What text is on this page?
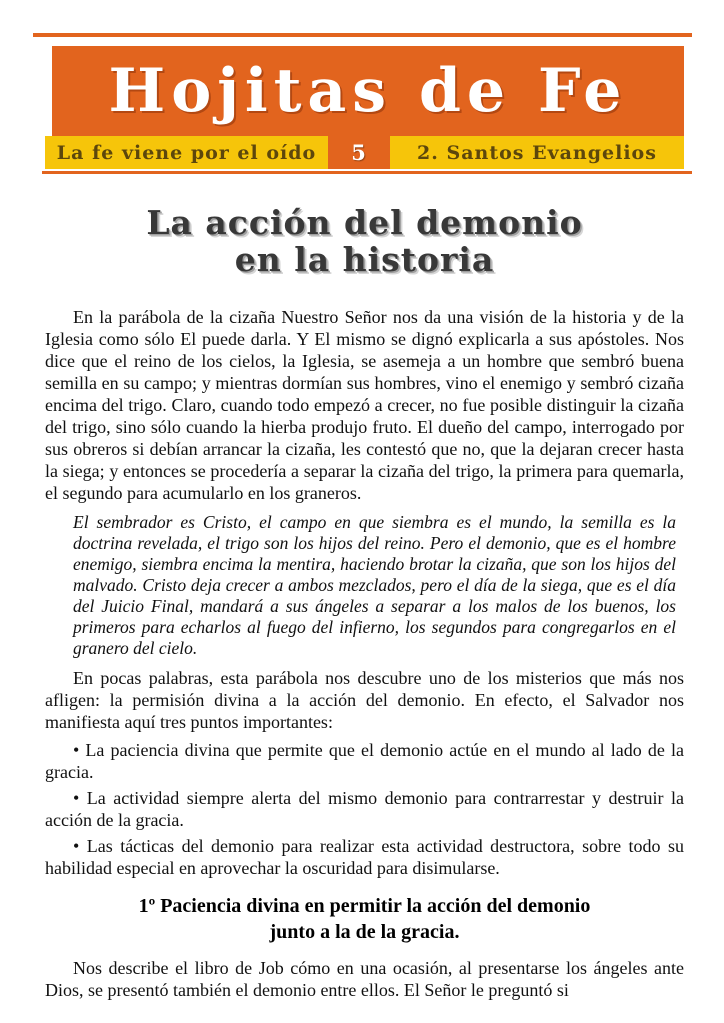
Hojitas de Fe
La fe viene por el oído	5	2. Santos Evangelios
La acción del demonio
en la historia

En la parábola de la cizaña Nuestro Señor nos da una visión de la historia y de la Iglesia como sólo El puede darla. Y El mismo se dignó explicarla a sus apóstoles. Nos dice que el reino de los cielos, la Iglesia, se asemeja a un hombre que sembró buena semilla en su campo; y mientras dormían sus hombres, vino el enemigo y sembró cizaña encima del trigo. Claro, cuando todo empezó a crecer, no fue posible distinguir la cizaña del trigo, sino sólo cuando la hierba produjo fruto. El dueño del campo, interrogado por sus obreros si debían arrancar la cizaña, les contestó que no, que la dejaran crecer hasta la siega; y entonces se procedería a separar la cizaña del trigo, la primera para quemarla, el segundo para acumularlo en los graneros.

El sembrador es Cristo, el campo en que siembra es el mundo, la semilla es la doctrina revelada, el trigo son los hijos del reino. Pero el demonio, que es el hombre enemigo, siembra encima la mentira, haciendo brotar la cizaña, que son los hijos del malvado. Cristo deja crecer a ambos mezclados, pero el día de la siega, que es el día del Juicio Final, mandará a sus ángeles a separar a los malos de los buenos, los primeros para echarlos al fuego del infierno, los segundos para congregarlos en el granero del cielo.

En pocas palabras, esta parábola nos descubre uno de los misterios que más nos afligen: la permisión divina a la acción del demonio. En efecto, el Salvador nos manifiesta aquí tres puntos importantes:

• La paciencia divina que permite que el demonio actúe en el mundo al lado de la gracia.

• La actividad siempre alerta del mismo demonio para contrarrestar y destruir la acción de la gracia.

• Las tácticas del demonio para realizar esta actividad destructora, sobre todo su habilidad especial en aprovechar la oscuridad para disimularse.

1º Paciencia divina en permitir la acción del demonio
junto a la de la gracia.

Nos describe el libro de Job cómo en una ocasión, al presentarse los ángeles ante Dios, se presentó también el demonio entre ellos. El Señor le preguntó si
